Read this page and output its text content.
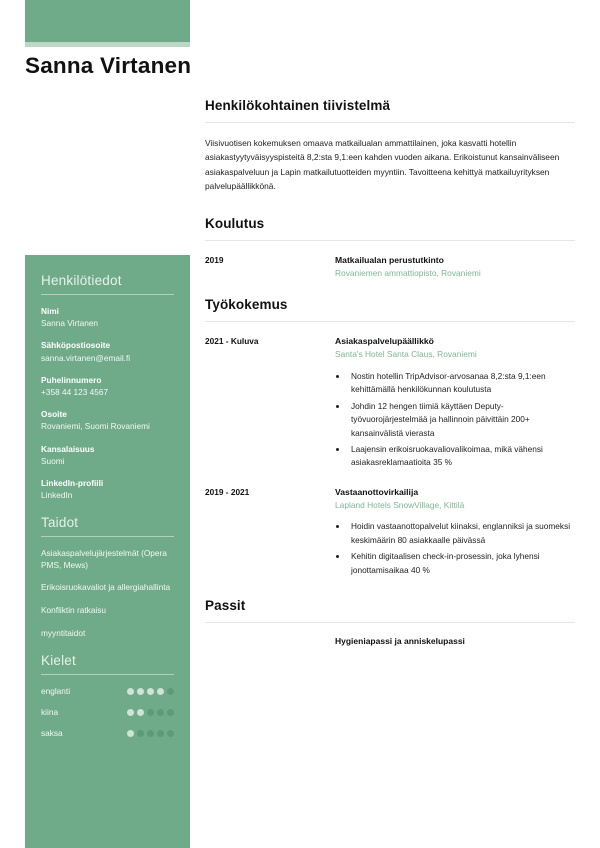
Sanna Virtanen
Henkilötiedot
Nimi
Sanna Virtanen
Sähköpostiosoite
sanna.virtanen@email.fi
Puhelinnumero
+358 44 123 4567
Osoite
Rovaniemi, Suomi Rovaniemi
Kansalaisuus
Suomi
LinkedIn-profiili
LinkedIn
Taidot
Asiakaspalvelujärjestelmät (Opera PMS, Mews)
Erikoisruokavaliot ja allergiahallinta
Konfliktin ratkaisu
myyntitaidot
Kielet
englanti
kiina
saksa
Henkilökohtainen tiivistelmä

Viisivuotisen kokemuksen omaava matkailualan ammattilainen, joka kasvatti hotellin asiakastyytyväisyyspisteitä 8,2:sta 9,1:een kahden vuoden aikana. Erikoistunut kansainväliseen asiakaspalveluun ja Lapin matkailutuotteiden myyntiin. Tavoitteena kehittyä matkailuyrityksen palvelupäällikkönä.

Koulutus
2019	Matkailualan perustutkinto
Rovaniemen ammattiopisto, Rovaniemi
Työkokemus
2021 - Kuluva	Asiakaspalvelupäällikkö
Santa's Hotel Santa Claus, Rovaniemi
• Nostin hotellin TripAdvisor-arvosanaa 8,2:sta 9,1:een kehittämällä henkilökunnan koulutusta
• Johdin 12 hengen tiimiä käyttäen Deputy-työvuorojärjestelmää ja hallinnoin päivittäin 200+ kansainvälistä vierasta
• Laajensin erikoisruokavaliovalikoimaa, mikä vähensi asiakasreklamaatioita 35 %
2019 - 2021	Vastaanottovirkailija
Lapland Hotels SnowVillage, Kittilä
• Hoidin vastaanottopalvelut kiinaksi, englanniksi ja suomeksi keskimäärin 80 asiakkaalle päivässä
• Kehitin digitaalisen check-in-prosessin, joka lyhensi jonottamisaikaa 40 %
Passit
Hygieniapassi ja anniskelupassi
